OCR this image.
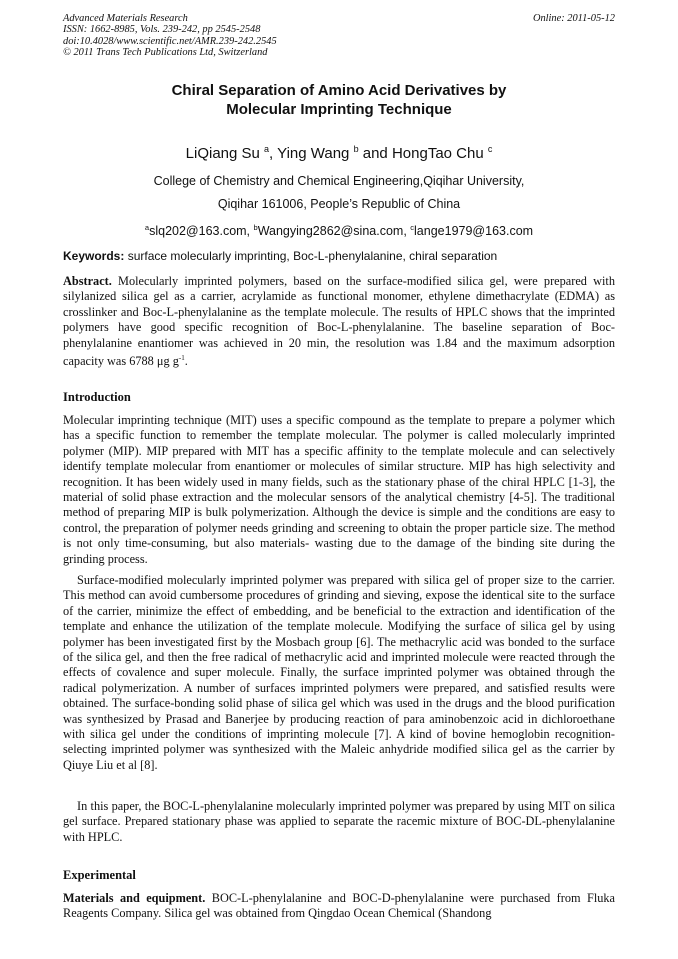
Advanced Materials Research
ISSN: 1662-8985, Vols. 239-242, pp 2545-2548
doi:10.4028/www.scientific.net/AMR.239-242.2545
© 2011 Trans Tech Publications Ltd, Switzerland
Online: 2011-05-12
Chiral Separation of Amino Acid Derivatives by
Molecular Imprinting Technique
LiQiang Su $^a$, Ying Wang $^b$ and HongTao Chu $^c$
College of Chemistry and Chemical Engineering,Qiqihar University,
Qiqihar 161006, People’s Republic of China
$^a$slq202@163.com, $^b$Wangying2862@sina.com, $^c$lange1979@163.com
Keywords: surface molecularly imprinting, Boc-L-phenylalanine, chiral separation
Abstract. Molecularly imprinted polymers, based on the surface-modified silica gel, were prepared with silylanized silica gel as a carrier, acrylamide as functional monomer, ethylene dimethacrylate (EDMA) as crosslinker and Boc-L-phenylalanine as the template molecule. The results of HPLC shows that the imprinted polymers have good specific recognition of Boc-L-phenylalanine. The baseline separation of Boc-phenylalanine enantiomer was achieved in 20 min, the resolution was 1.84 and the maximum adsorption capacity was 6788 μg $g^{-1}$.
Introduction
Molecular imprinting technique (MIT) uses a specific compound as the template to prepare a polymer which has a specific function to remember the template molecular. The polymer is called molecularly imprinted polymer (MIP). MIP prepared with MIT has a specific affinity to the template molecule and can selectively identify template molecular from enantiomer or molecules of similar structure. MIP has high selectivity and recognition. It has been widely used in many fields, such as the stationary phase of the chiral HPLC [1-3], the material of solid phase extraction and the molecular sensors of the analytical chemistry [4-5]. The traditional method of preparing MIP is bulk polymerization. Although the device is simple and the conditions are easy to control, the preparation of polymer needs grinding and screening to obtain the proper particle size. The method is not only time-consuming, but also materials- wasting due to the damage of the binding site during the grinding process.
Surface-modified molecularly imprinted polymer was prepared with silica gel of proper size to the carrier. This method can avoid cumbersome procedures of grinding and sieving, expose the identical site to the surface of the carrier, minimize the effect of embedding, and be beneficial to the extraction and identification of the template and enhance the utilization of the template molecule. Modifying the surface of silica gel by using polymer has been investigated first by the Mosbach group [6]. The methacrylic acid was bonded to the surface of the silica gel, and then the free radical of methacrylic acid and imprinted molecule were reacted through the effects of covalence and super molecule. Finally, the surface imprinted polymer was obtained through the radical polymerization. A number of surfaces imprinted polymers were prepared, and satisfied results were obtained. The surface-bonding solid phase of silica gel which was used in the drugs and the blood purification was synthesized by Prasad and Banerjee by producing reaction of para aminobenzoic acid in dichloroethane with silica gel under the conditions of imprinting molecule [7]. A kind of bovine hemoglobin recognition-selecting imprinted polymer was synthesized with the Maleic anhydride modified silica gel as the carrier by Qiuye Liu et al [8].
In this paper, the BOC-L-phenylalanine molecularly imprinted polymer was prepared by using MIT on silica gel surface. Prepared stationary phase was applied to separate the racemic mixture of BOC-DL-phenylalanine with HPLC.
Experimental
Materials and equipment. BOC-L-phenylalanine and BOC-D-phenylalanine were purchased from Fluka Reagents Company. Silica gel was obtained from Qingdao Ocean Chemical (Shandong
